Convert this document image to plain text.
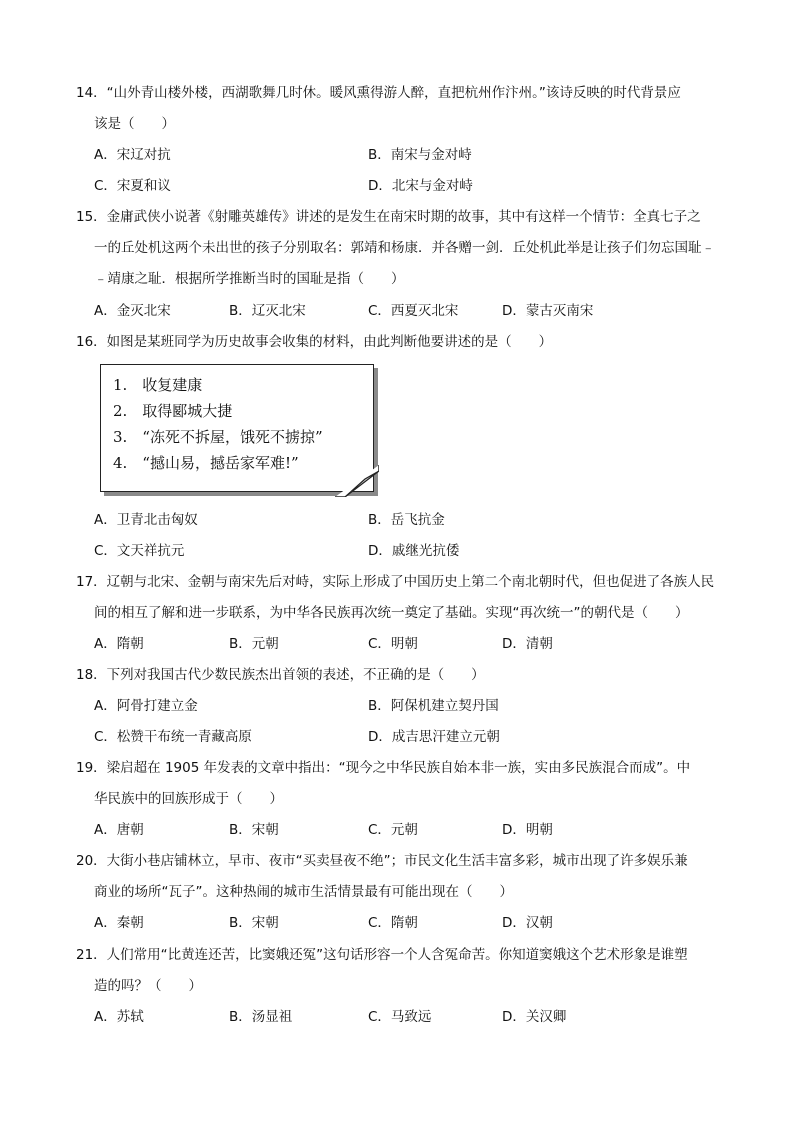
14．“山外青山楼外楼，西湖歌舞几时休。暖风熏得游人醉，直把杭州作汴州。”该诗反映的时代背景应
该是（　　）
A．宋辽对抗	B．南宋与金对峙
C．宋夏和议	D．北宋与金对峙
15．金庸武侠小说著《射雕英雄传》讲述的是发生在南宋时期的故事，其中有这样一个情节：全真七子之
一的丘处机这两个未出世的孩子分别取名：郭靖和杨康．并各赠一剑．丘处机此举是让孩子们勿忘国耻﹣
﹣靖康之耻．根据所学推断当时的国耻是指（　　）
A．金灭北宋	B．辽灭北宋	C．西夏灭北宋	D．蒙古灭南宋
16．如图是某班同学为历史故事会收集的材料，由此判断他要讲述的是（　　）
1.　收复建康
2.　取得郾城大捷
3.　“冻死不拆屋，饿死不掳掠”
4.　“撼山易，撼岳家军难!”
A．卫青北击匈奴	B．岳飞抗金
C．文天祥抗元	D．戚继光抗倭
17．辽朝与北宋、金朝与南宋先后对峙，实际上形成了中国历史上第二个南北朝时代，但也促进了各族人民
间的相互了解和进一步联系，为中华各民族再次统一奠定了基础。实现“再次统一”的朝代是（　　）
A．隋朝	B．元朝	C．明朝	D．清朝
18．下列对我国古代少数民族杰出首领的表述，不正确的是（　　）
A．阿骨打建立金	B．阿保机建立契丹国
C．松赞干布统一青藏高原	D．成吉思汗建立元朝
19．梁启超在 1905 年发表的文章中指出：“现今之中华民族自始本非一族，实由多民族混合而成”。中
华民族中的回族形成于（　　）
A．唐朝	B．宋朝	C．元朝	D．明朝
20．大街小巷店铺林立，早市、夜市“买卖昼夜不绝”；市民文化生活丰富多彩，城市出现了许多娱乐兼
商业的场所“瓦子”。这种热闹的城市生活情景最有可能出现在（　　）
A．秦朝	B．宋朝	C．隋朝	D．汉朝
21．人们常用“比黄连还苦，比窦娥还冤”这句话形容一个人含冤命苦。你知道窦娥这个艺术形象是谁塑
造的吗？（　　）
A．苏轼	B．汤显祖	C．马致远	D．关汉卿
